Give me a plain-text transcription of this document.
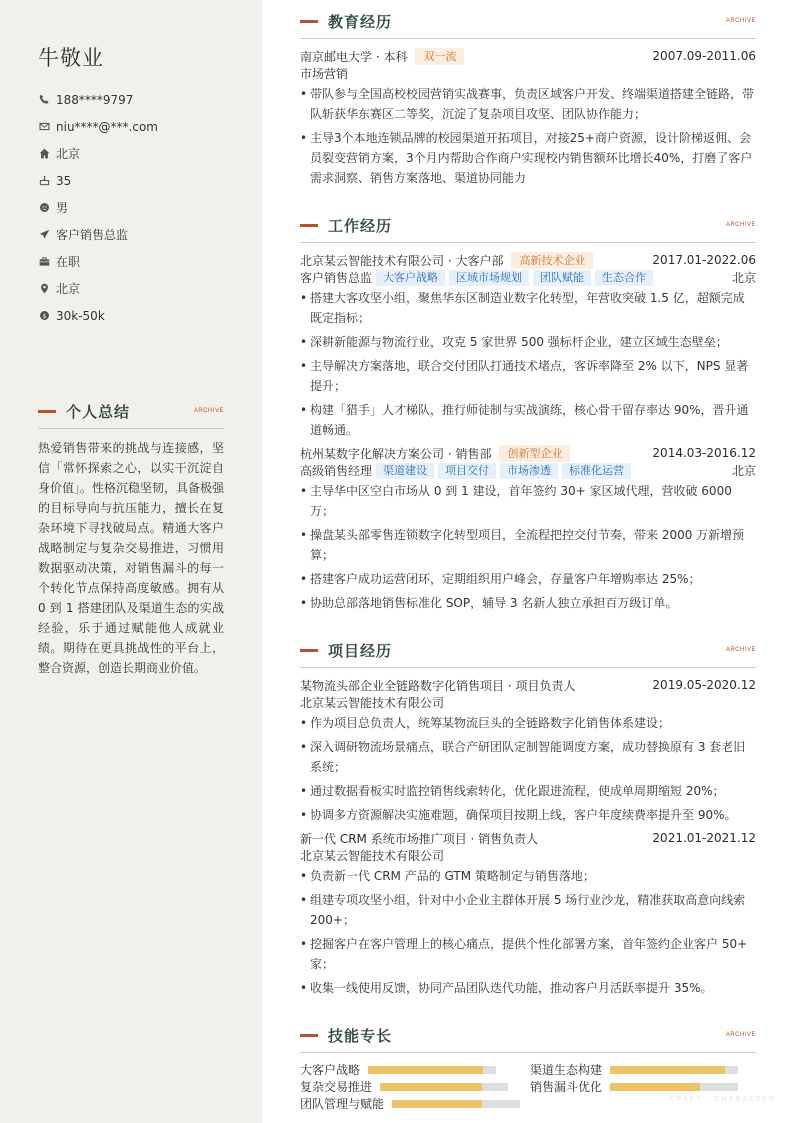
牛敬业
188****9797
niu****@***.com
北京
35
男
客户销售总监
在职
北京
$ 30k-50k
个人总结	ARCHIVE

热爱销售带来的挑战与连接感，坚信「常怀探索之心，以实干沉淀自身价值」。性格沉稳坚韧，具备极强的目标导向与抗压能力，擅长在复杂环境下寻找破局点。精通大客户战略制定与复杂交易推进，习惯用数据驱动决策，对销售漏斗的每一个转化节点保持高度敏感。拥有从 0 到 1 搭建团队及渠道生态的实战经验，乐于通过赋能他人成就业绩。期待在更具挑战性的平台上，整合资源，创造长期商业价值。

教育经历	ARCHIVE
南京邮电大学 · 本科	双一流	2007.09-2011.06
市场营销
• 带队参与全国高校校园营销实战赛事，负责区域客户开发、终端渠道搭建全链路，带队斩获华东赛区二等奖，沉淀了复杂项目攻坚、团队协作能力；
• 主导3个本地连锁品牌的校园渠道开拓项目，对接25+商户资源，设计阶梯返佣、会员裂变营销方案，3个月内帮助合作商户实现校内销售额环比增长40%，打磨了客户需求洞察、销售方案落地、渠道协同能力
工作经历	ARCHIVE
北京某云智能技术有限公司 · 大客户部	高新技术企业	2017.01-2022.06
客户销售总监	大客户战略	区域市场规划	团队赋能	生态合作	北京
• 搭建大客攻坚小组，聚焦华东区制造业数字化转型，年营收突破 1.5 亿，超额完成既定指标；
• 深耕新能源与物流行业，攻克 5 家世界 500 强标杆企业，建立区域生态壁垒；
• 主导解决方案落地，联合交付团队打通技术堵点，客诉率降至 2% 以下，NPS 显著提升；
• 构建「猎手」人才梯队，推行师徒制与实战演练，核心骨干留存率达 90%，晋升通道畅通。
杭州某数字化解决方案公司 · 销售部	创新型企业	2014.03-2016.12
高级销售经理	渠道建设	项目交付	市场渗透	标准化运营	北京
• 主导华中区空白市场从 0 到 1 建设，首年签约 30+ 家区域代理，营收破 6000 万；
• 操盘某头部零售连锁数字化转型项目，全流程把控交付节奏，带来 2000 万新增预算；
• 搭建客户成功运营闭环，定期组织用户峰会，存量客户年增购率达 25%；
• 协助总部落地销售标准化 SOP，辅导 3 名新人独立承担百万级订单。
项目经历	ARCHIVE
某物流头部企业全链路数字化销售项目 · 项目负责人	2019.05-2020.12
北京某云智能技术有限公司
• 作为项目总负责人，统筹某物流巨头的全链路数字化销售体系建设；
• 深入调研物流场景痛点，联合产研团队定制智能调度方案，成功替换原有 3 套老旧系统；
• 通过数据看板实时监控销售线索转化，优化跟进流程，使成单周期缩短 20%；
• 协调多方资源解决实施难题，确保项目按期上线，客户年度续费率提升至 90%。
新一代 CRM 系统市场推广项目 · 销售负责人	2021.01-2021.12
北京某云智能技术有限公司
• 负责新一代 CRM 产品的 GTM 策略制定与销售落地；
• 组建专项攻坚小组，针对中小企业主群体开展 5 场行业沙龙，精准获取高意向线索 200+；
• 挖掘客户在客户管理上的核心痛点，提供个性化部署方案，首年签约企业客户 50+ 家；
• 收集一线使用反馈，协同产品团队迭代功能，推动客户月活跃率提升 35%。
技能专长	ARCHIVE
大客户战略	渠道生态构建
复杂交易推进	销售漏斗优化
团队管理与赋能	CRAFT · CHARACTER
